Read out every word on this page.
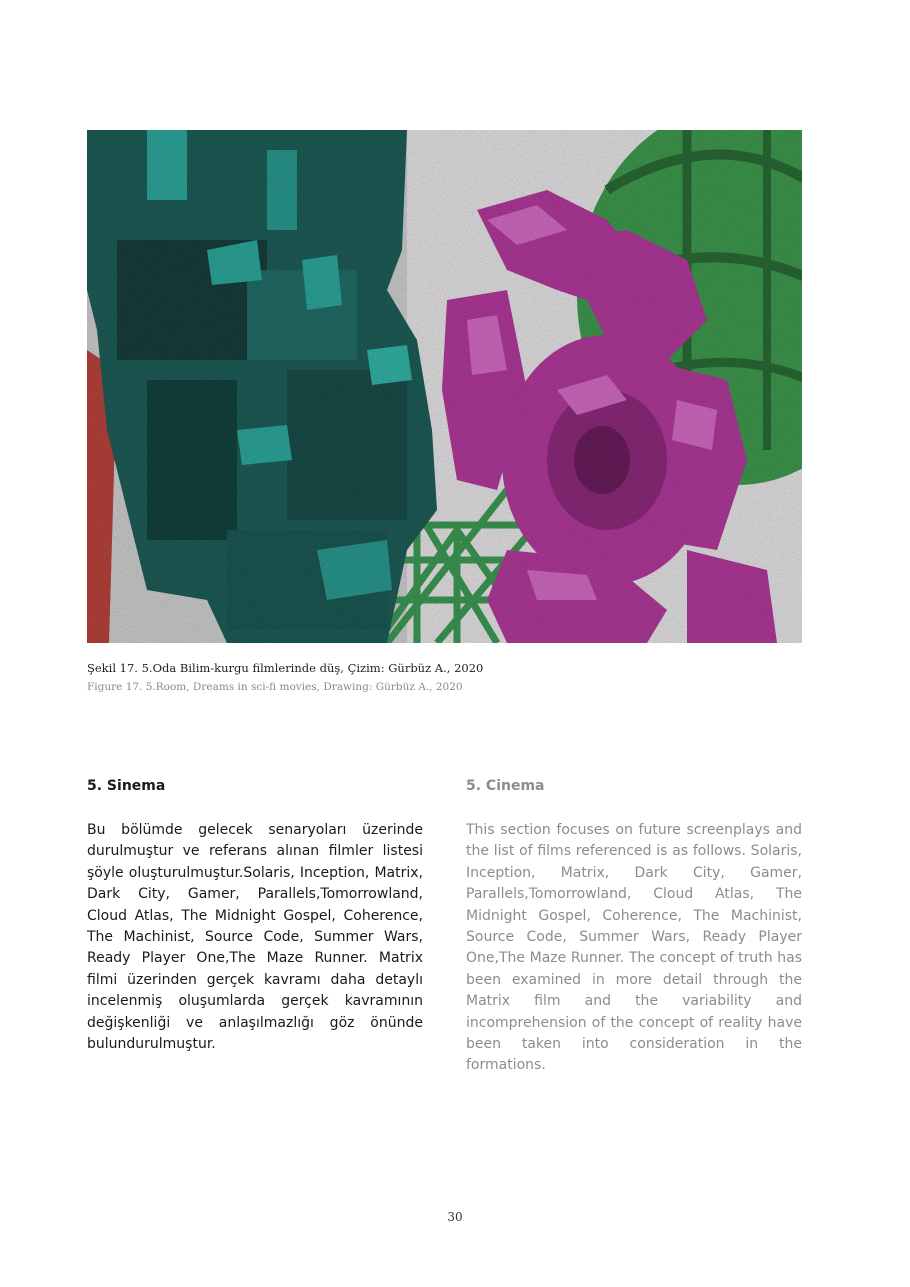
Şekil 17. 5.Oda Bilim-kurgu filmlerinde düş, Çizim: Gürbüz A., 2020
Figure 17. 5.Room, Dreams in sci-fi movies, Drawing: Gürbüz A., 2020
5. Sinema	5. Cinema

Bu bölümde gelecek senaryoları üzerinde durulmuştur ve referans alınan filmler listesi şöyle oluşturulmuştur.Solaris, Inception, Matrix, Dark City, Gamer, Parallels,Tomorrowland, Cloud Atlas, The Midnight Gospel, Coherence, The Machinist, Source Code, Summer Wars, Ready Player One,The Maze Runner. Matrix filmi üzerinden gerçek kavramı daha detaylı incelenmiş oluşumlarda gerçek kavramının değişkenliği ve anlaşılmazlığı göz önünde bulundurulmuştur.

This section focuses on future screenplays and the list of films referenced is as follows. Solaris, Inception, Matrix, Dark City, Gamer, Parallels,Tomorrowland, Cloud Atlas, The Midnight Gospel, Coherence, The Machinist, Source Code, Summer Wars, Ready Player One,The Maze Runner. The concept of truth has been examined in more detail through the Matrix film and the variability and incomprehension of the concept of reality have been taken into consideration in the formations.

30
